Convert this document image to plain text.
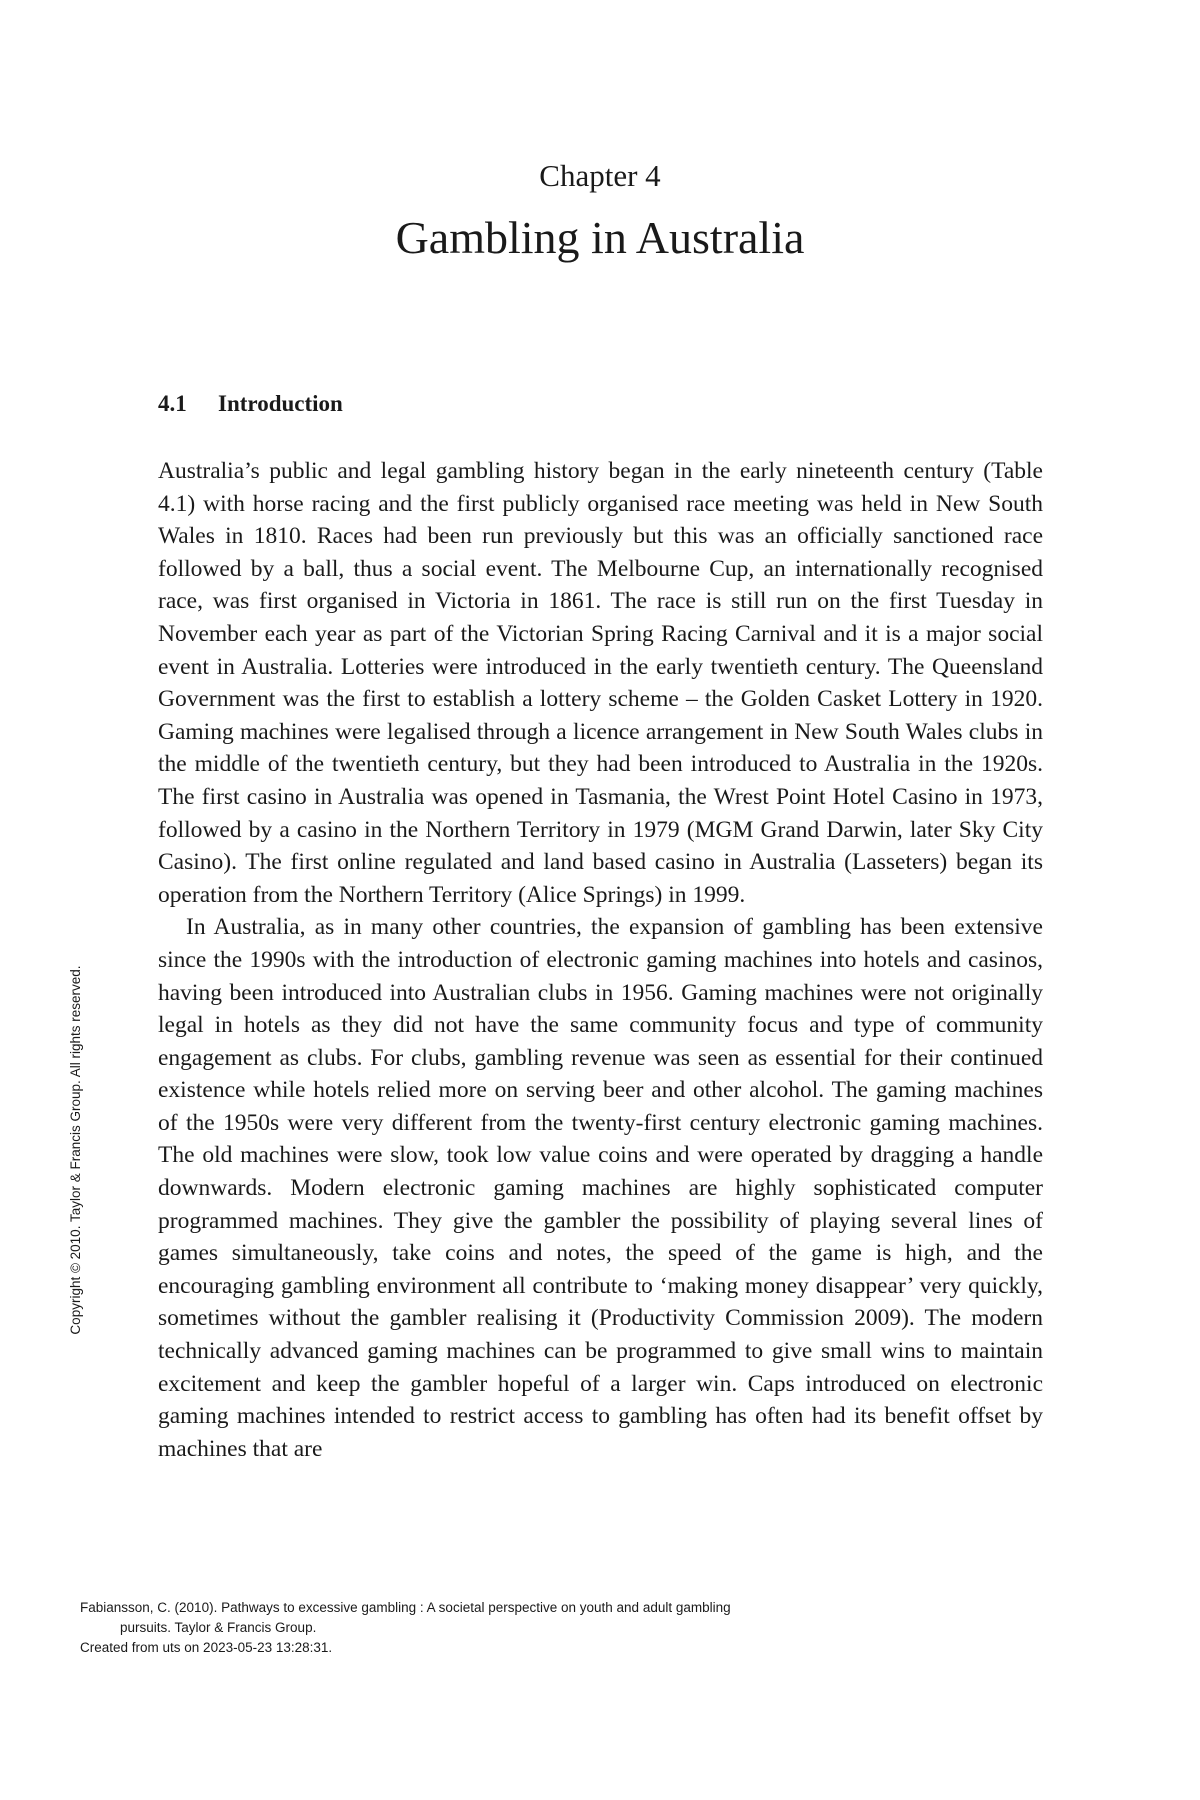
Chapter 4
Gambling in Australia
4.1 Introduction

Australia’s public and legal gambling history began in the early nineteenth century (Table 4.1) with horse racing and the first publicly organised race meeting was held in New South Wales in 1810. Races had been run previously but this was an officially sanctioned race followed by a ball, thus a social event. The Melbourne Cup, an internationally recognised race, was first organised in Victoria in 1861. The race is still run on the first Tuesday in November each year as part of the Victorian Spring Racing Carnival and it is a major social event in Australia. Lotteries were introduced in the early twentieth century. The Queensland Government was the first to establish a lottery scheme – the Golden Casket Lottery in 1920. Gaming machines were legalised through a licence arrangement in New South Wales clubs in the middle of the twentieth century, but they had been introduced to Australia in the 1920s. The first casino in Australia was opened in Tasmania, the Wrest Point Hotel Casino in 1973, followed by a casino in the Northern Territory in 1979 (MGM Grand Darwin, later Sky City Casino). The first online regulated and land based casino in Australia (Lasseters) began its operation from the Northern Territory (Alice Springs) in 1999.

In Australia, as in many other countries, the expansion of gambling has been extensive since the 1990s with the introduction of electronic gaming machines into hotels and casinos, having been introduced into Australian clubs in 1956. Gaming machines were not originally legal in hotels as they did not have the same community focus and type of community engagement as clubs. For clubs, gambling revenue was seen as essential for their continued existence while hotels relied more on serving beer and other alcohol. The gaming machines of the 1950s were very different from the twenty-first century electronic gaming machines. The old machines were slow, took low value coins and were operated by dragging a handle downwards. Modern electronic gaming machines are highly sophisticated computer programmed machines. They give the gambler the possibility of playing several lines of games simultaneously, take coins and notes, the speed of the game is high, and the encouraging gambling environment all contribute to ‘making money disappear’ very quickly, sometimes without the gambler realising it (Productivity Commission 2009). The modern technically advanced gaming machines can be programmed to give small wins to maintain excitement and keep the gambler hopeful of a larger win. Caps introduced on electronic gaming machines intended to restrict access to gambling has often had its benefit offset by machines that are

Copyright © 2010. Taylor & Francis Group. All rights reserved.
Fabiansson, C. (2010). Pathways to excessive gambling : A societal perspective on youth and adult gambling
pursuits. Taylor & Francis Group.
Created from uts on 2023-05-23 13:28:31.
